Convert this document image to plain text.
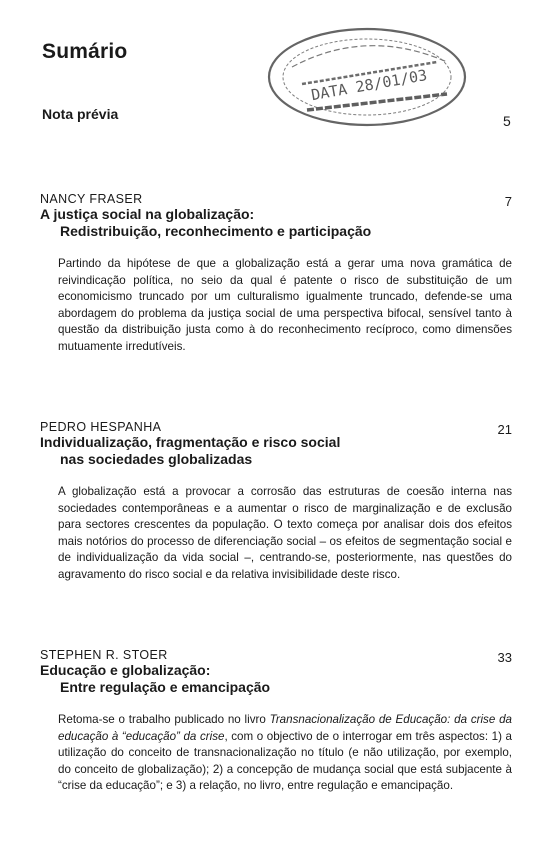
Sumário
DATA 28/01/03
Nota prévia	5
NANCY FRASER	7
A justiça social na globalização:
Redistribuição, reconhecimento e participação
Partindo da hipótese de que a globalização está a gerar uma nova gramática de reivindicação política, no seio da qual é patente o risco de substituição de um economicismo truncado por um culturalismo igualmente truncado, defende-se uma abordagem do problema da justiça social de uma perspectiva bifocal, sensível tanto à questão da distribuição justa como à do reconhecimento recíproco, como dimensões mutuamente irredutíveis.
PEDRO HESPANHA	21
Individualização, fragmentação e risco social
nas sociedades globalizadas
A globalização está a provocar a corrosão das estruturas de coesão interna nas sociedades contemporâneas e a aumentar o risco de marginalização e de exclusão para sectores crescentes da população. O texto começa por analisar dois dos efeitos mais notórios do processo de diferenciação social – os efeitos de segmentação social e de individualização da vida social –, centrando-se, posteriormente, nas questões do agravamento do risco social e da relativa invisibilidade deste risco.
STEPHEN R. STOER	33
Educação e globalização:
Entre regulação e emancipação
Retoma-se o trabalho publicado no livro Transnacionalização de Educação: da crise da educação à “educação” da crise, com o objectivo de o interrogar em três aspectos: 1) a utilização do conceito de transnacionalização no título (e não utilização, por exemplo, do conceito de globalização); 2) a concepção de mudança social que está subjacente à “crise da educação”; e 3) a relação, no livro, entre regulação e emancipação.
